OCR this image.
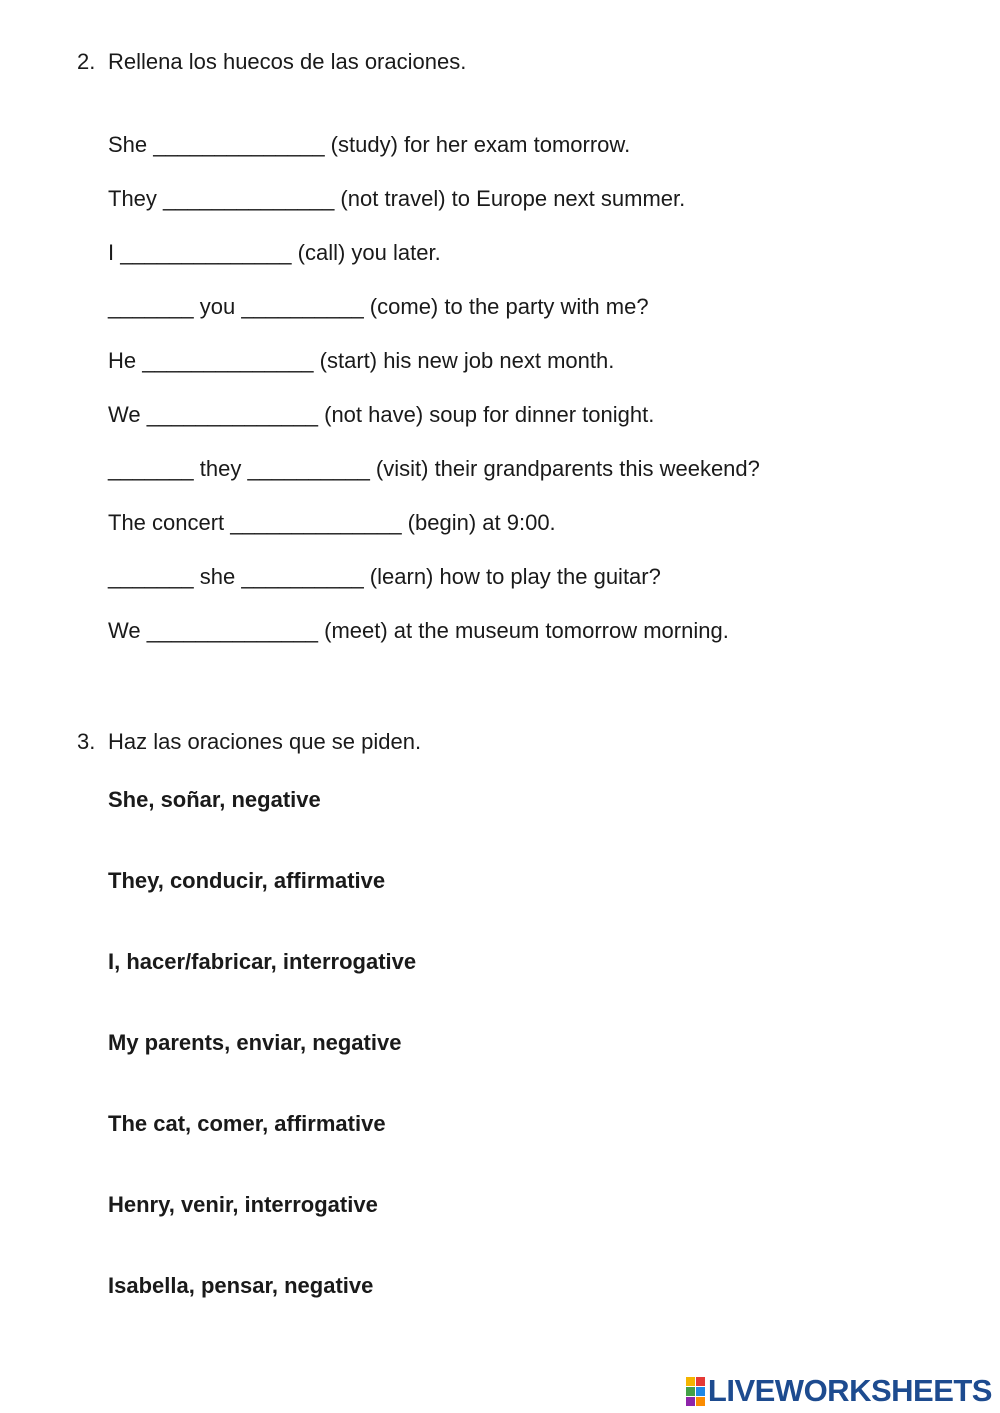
2. Rellena los huecos de las oraciones.
She ______________ (study) for her exam tomorrow.
They ______________ (not travel) to Europe next summer.
I ______________ (call) you later.
_______ you __________ (come) to the party with me?
He ______________ (start) his new job next month.
We ______________ (not have) soup for dinner tonight.
_______ they __________ (visit) their grandparents this weekend?
The concert ______________ (begin) at 9:00.
_______ she __________ (learn) how to play the guitar?
We ______________ (meet) at the museum tomorrow morning.
3. Haz las oraciones que se piden.
She, soñar, negative
They, conducir, affirmative
I, hacer/fabricar, interrogative
My parents, enviar, negative
The cat, comer, affirmative
Henry, venir, interrogative
Isabella, pensar, negative
LIVEWORKSHEETS
